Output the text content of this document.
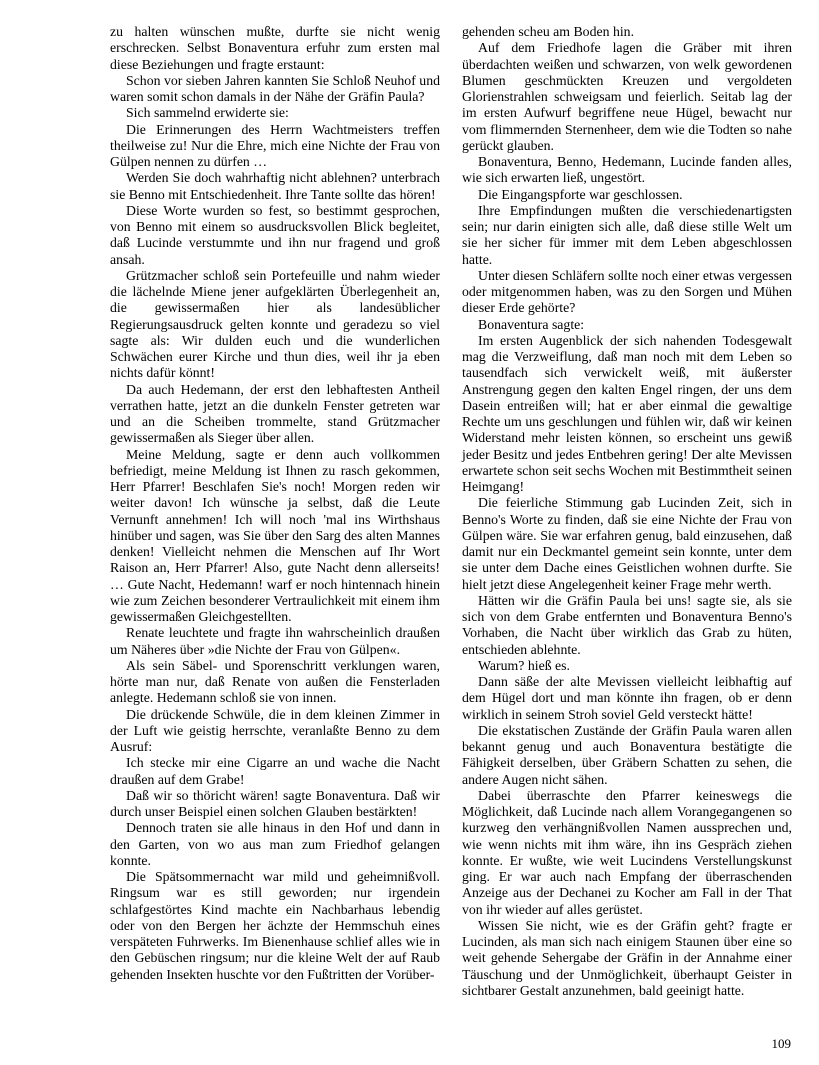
zu halten wünschen mußte, durfte sie nicht wenig erschrecken. Selbst Bonaventura erfuhr zum ersten mal diese Beziehungen und fragte erstaunt:

Schon vor sieben Jahren kannten Sie Schloß Neuhof und waren somit schon damals in der Nähe der Gräfin Paula?

Sich sammelnd erwiderte sie:

Die Erinnerungen des Herrn Wachtmeisters treffen theilweise zu! Nur die Ehre, mich eine Nichte der Frau von Gülpen nennen zu dürfen …

Werden Sie doch wahrhaftig nicht ablehnen? unterbrach sie Benno mit Entschiedenheit. Ihre Tante sollte das hören!

Diese Worte wurden so fest, so bestimmt gesprochen, von Benno mit einem so ausdrucksvollen Blick begleitet, daß Lucinde verstummte und ihn nur fragend und groß ansah.

Grützmacher schloß sein Portefeuille und nahm wieder die lächelnde Miene jener aufgeklärten Überlegenheit an, die gewissermaßen hier als landesüblicher Regierungsausdruck gelten konnte und geradezu so viel sagte als: Wir dulden euch und die wunderlichen Schwächen eurer Kirche und thun dies, weil ihr ja eben nichts dafür könnt!

Da auch Hedemann, der erst den lebhaftesten Antheil verrathen hatte, jetzt an die dunkeln Fenster getreten war und an die Scheiben trommelte, stand Grützmacher gewissermaßen als Sieger über allen.

Meine Meldung, sagte er denn auch vollkommen befriedigt, meine Meldung ist Ihnen zu rasch gekommen, Herr Pfarrer! Beschlafen Sie's noch! Morgen reden wir weiter davon! Ich wünsche ja selbst, daß die Leute Vernunft annehmen! Ich will noch 'mal ins Wirthshaus hinüber und sagen, was Sie über den Sarg des alten Mannes denken! Vielleicht nehmen die Menschen auf Ihr Wort Raison an, Herr Pfarrer! Also, gute Nacht denn allerseits! … Gute Nacht, Hedemann! warf er noch hintennach hinein wie zum Zeichen besonderer Vertraulichkeit mit einem ihm gewissermaßen Gleichgestellten.

Renate leuchtete und fragte ihn wahrscheinlich draußen um Näheres über »die Nichte der Frau von Gülpen«.

Als sein Säbel- und Sporenschritt verklungen waren, hörte man nur, daß Renate von außen die Fensterladen anlegte. Hedemann schloß sie von innen.

Die drückende Schwüle, die in dem kleinen Zimmer in der Luft wie geistig herrschte, veranlaßte Benno zu dem Ausruf:

Ich stecke mir eine Cigarre an und wache die Nacht draußen auf dem Grabe!

Daß wir so thöricht wären! sagte Bonaventura. Daß wir durch unser Beispiel einen solchen Glauben bestärkten!

Dennoch traten sie alle hinaus in den Hof und dann in den Garten, von wo aus man zum Friedhof gelangen konnte.

Die Spätsommernacht war mild und geheimnißvoll. Ringsum war es still geworden; nur irgendein schlafgestörtes Kind machte ein Nachbarhaus lebendig oder von den Bergen her ächzte der Hemmschuh eines verspäteten Fuhrwerks. Im Bienenhause schlief alles wie in den Gebüschen ringsum; nur die kleine Welt der auf Raub gehenden Insekten huschte vor den Fußtritten der Vorüber-

gehenden scheu am Boden hin.

Auf dem Friedhofe lagen die Gräber mit ihren überdachten weißen und schwarzen, von welk gewordenen Blumen geschmückten Kreuzen und vergoldeten Glorienstrahlen schweigsam und feierlich. Seitab lag der im ersten Aufwurf begriffene neue Hügel, bewacht nur vom flimmernden Sternenheer, dem wie die Todten so nahe gerückt glauben.

Bonaventura, Benno, Hedemann, Lucinde fanden alles, wie sich erwarten ließ, ungestört.

Die Eingangspforte war geschlossen.

Ihre Empfindungen mußten die verschiedenartigsten sein; nur darin einigten sich alle, daß diese stille Welt um sie her sicher für immer mit dem Leben abgeschlossen hatte.

Unter diesen Schläfern sollte noch einer etwas vergessen oder mitgenommen haben, was zu den Sorgen und Mühen dieser Erde gehörte?

Bonaventura sagte:

Im ersten Augenblick der sich nahenden Todesgewalt mag die Verzweiflung, daß man noch mit dem Leben so tausendfach sich verwickelt weiß, mit äußerster Anstrengung gegen den kalten Engel ringen, der uns dem Dasein entreißen will; hat er aber einmal die gewaltige Rechte um uns geschlungen und fühlen wir, daß wir keinen Widerstand mehr leisten können, so erscheint uns gewiß jeder Besitz und jedes Entbehren gering! Der alte Mevissen erwartete schon seit sechs Wochen mit Bestimmtheit seinen Heimgang!

Die feierliche Stimmung gab Lucinden Zeit, sich in Benno's Worte zu finden, daß sie eine Nichte der Frau von Gülpen wäre. Sie war erfahren genug, bald einzusehen, daß damit nur ein Deckmantel gemeint sein konnte, unter dem sie unter dem Dache eines Geistlichen wohnen durfte. Sie hielt jetzt diese Angelegenheit keiner Frage mehr werth.

Hätten wir die Gräfin Paula bei uns! sagte sie, als sie sich von dem Grabe entfernten und Bonaventura Benno's Vorhaben, die Nacht über wirklich das Grab zu hüten, entschieden ablehnte.

Warum? hieß es.

Dann säße der alte Mevissen vielleicht leibhaftig auf dem Hügel dort und man könnte ihn fragen, ob er denn wirklich in seinem Stroh soviel Geld versteckt hätte!

Die ekstatischen Zustände der Gräfin Paula waren allen bekannt genug und auch Bonaventura bestätigte die Fähigkeit derselben, über Gräbern Schatten zu sehen, die andere Augen nicht sähen.

Dabei überraschte den Pfarrer keineswegs die Möglichkeit, daß Lucinde nach allem Vorangegangenen so kurzweg den verhängnißvollen Namen aussprechen und, wie wenn nichts mit ihm wäre, ihn ins Gespräch ziehen konnte. Er wußte, wie weit Lucindens Verstellungskunst ging. Er war auch nach Empfang der überraschenden Anzeige aus der Dechanei zu Kocher am Fall in der That von ihr wieder auf alles gerüstet.

Wissen Sie nicht, wie es der Gräfin geht? fragte er Lucinden, als man sich nach einigem Staunen über eine so weit gehende Sehergabe der Gräfin in der Annahme einer Täuschung und der Unmöglichkeit, überhaupt Geister in sichtbarer Gestalt anzunehmen, bald geeinigt hatte.

109
